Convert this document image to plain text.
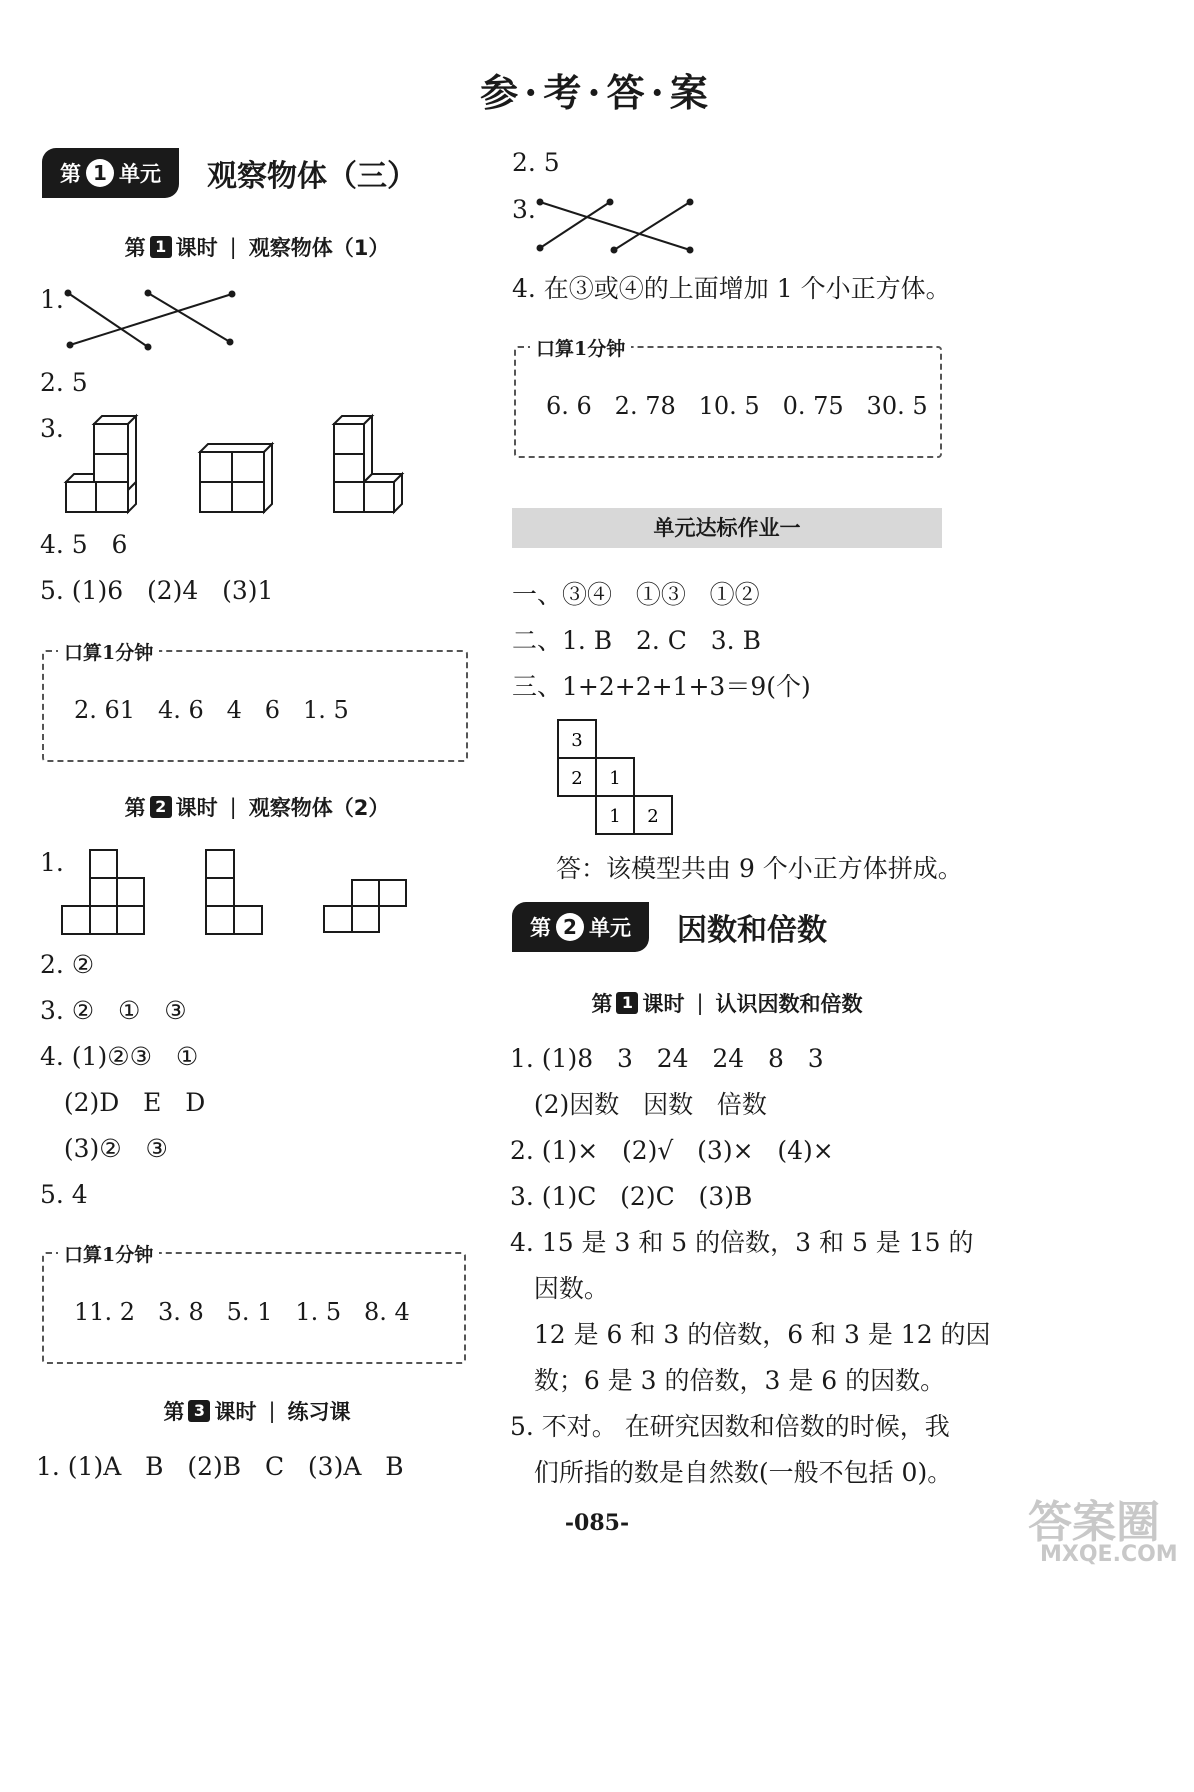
参·考·答·案
第 1 单元 观察物体（三）
第 1 课时 | 观察物体（1）
1.
2. 5
3.
4. 5   6
5. (1)6   (2)4   (3)1
口算1分钟
2. 61   4. 6   4   6   1. 5
第 2 课时 | 观察物体（2）
1.
2. ②
3. ②   ①   ③
4. (1)②③   ①
(2)D   E   D
(3)②   ③
5. 4
口算1分钟
11. 2   3. 8   5. 1   1. 5   8. 4
第 3 课时 | 练习课
1. (1)A   B   (2)B   C   (3)A   B
2. 5
3.
4. 在③或④的上面增加 1 个小正方体。
口算1分钟
6. 6   2. 78   10. 5   0. 75   30. 5
单元达标作业一
一、③④   ①③   ①②
二、1. B   2. C   3. B
三、1+2+2+1+3＝9(个)
3
2 1
1 2
答：该模型共由 9 个小正方体拼成。
第 2 单元 因数和倍数
第 1 课时 | 认识因数和倍数
1. (1)8   3   24   24   8   3
(2)因数   因数   倍数
2. (1)×   (2)√   (3)×   (4)×
3. (1)C   (2)C   (3)B
4. 15 是 3 和 5 的倍数，3 和 5 是 15 的
因数。
12 是 6 和 3 的倍数，6 和 3 是 12 的因
数；6 是 3 的倍数，3 是 6 的因数。
5. 不对。 在研究因数和倍数的时候，我
们所指的数是自然数(一般不包括 0)。
-085-	答案圈
MXQE.COM
